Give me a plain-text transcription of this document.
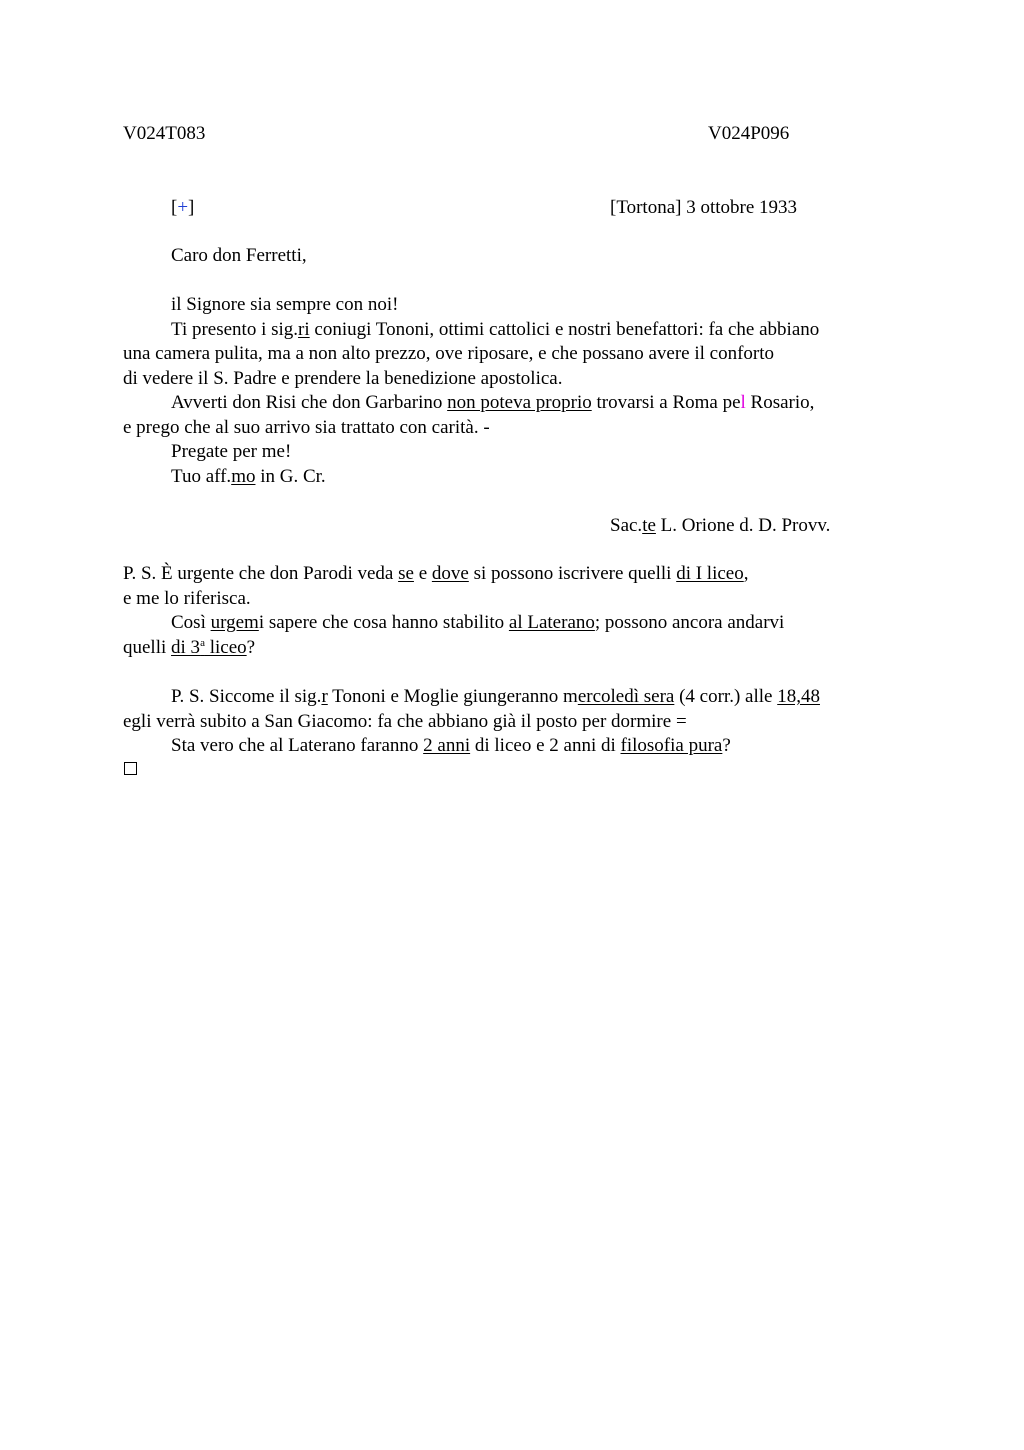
V024T083	V024P096
[+]	[Tortona] 3 ottobre 1933
Caro don Ferretti,
il Signore sia sempre con noi!
Ti presento i sig.ri coniugi Tononi, ottimi cattolici e nostri benefattori: fa che abbiano
una camera pulita, ma a non alto prezzo, ove riposare, e che possano avere il conforto
di vedere il S. Padre e prendere la benedizione apostolica.
Avverti don Risi che don Garbarino non poteva proprio trovarsi a Roma pel Rosario,
e prego che al suo arrivo sia trattato con carità. -
Pregate per me!
Tuo aff.mo in G. Cr.
Sac.te L. Orione d. D. Provv.
P. S. È urgente che don Parodi veda se e dove si possono iscrivere quelli di I liceo,
e me lo riferisca.
Così urgemi sapere che cosa hanno stabilito al Laterano; possono ancora andarvi
quelli di 3$^a$ liceo?
P. S. Siccome il sig.r Tononi e Moglie giungeranno mercoledì sera (4 corr.) alle 18,48
egli verrà subito a San Giacomo: fa che abbiano già il posto per dormire =
Sta vero che al Laterano faranno 2 anni di liceo e 2 anni di filosofia pura?
